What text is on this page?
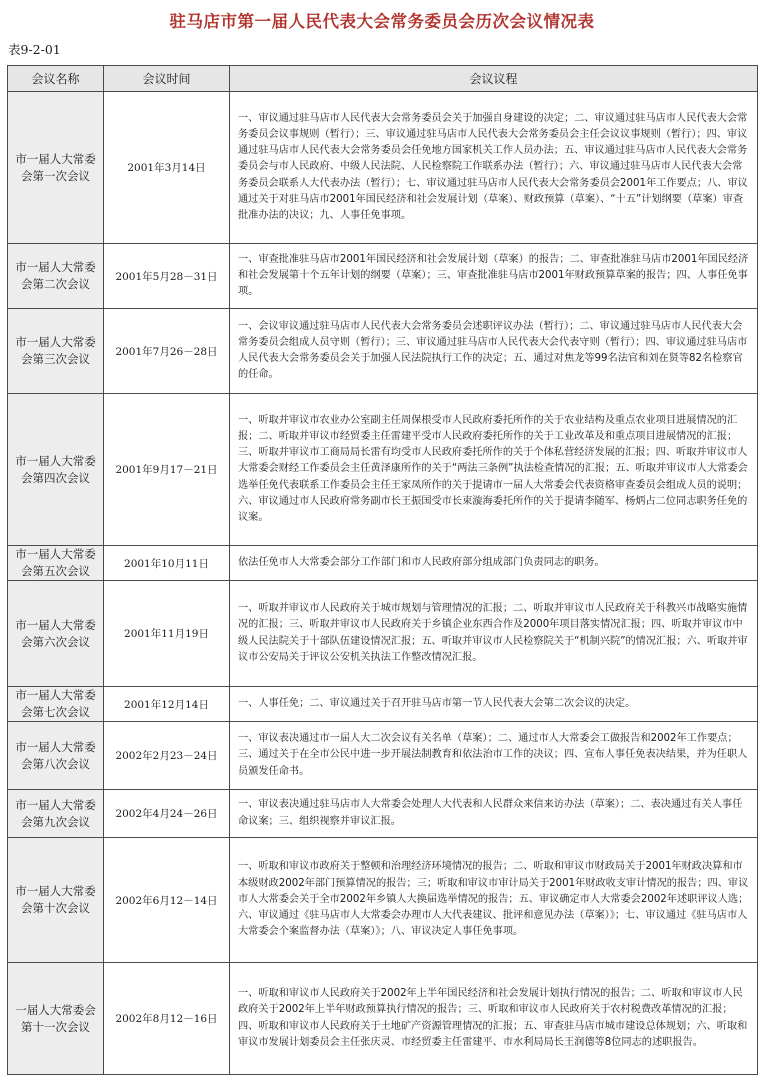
驻马店市第一届人民代表大会常务委员会历次会议情况表
表9-2-01
会议名称	会议时间	会议议程
市一届人大常委会第一次会议	2001年3月14日	一、审议通过驻马店市人民代表大会常务委员会关于加强自身建设的决定；二、审议通过驻马店市人民代表大会常务委员会议事规则（暂行）；三、审议通过驻马店市人民代表大会常务委员会主任会议议事规则（暂行）；四、审议通过驻马店市人民代表大会常务委员会任免地方国家机关工作人员办法；五、审议通过驻马店市人民代表大会常务委员会与市人民政府、中级人民法院、人民检察院工作联系办法（暂行）；六、审议通过驻马店市人民代表大会常务委员会联系人大代表办法（暂行）；七、审议通过驻马店市人民代表大会常务委员会2001年工作要点；八、审议通过关于对驻马店市2001年国民经济和社会发展计划（草案）、财政预算（草案）、“十五”计划纲要（草案）审查批准办法的决议；九、人事任免事项。
市一届人大常委会第二次会议	2001年5月28－31日	一、审查批准驻马店市2001年国民经济和社会发展计划（草案）的报告；二、审查批准驻马店市2001年国民经济和社会发展第十个五年计划的纲要（草案）；三、审查批准驻马店市2001年财政预算草案的报告；四、人事任免事项。
市一届人大常委会第三次会议	2001年7月26－28日	一、会议审议通过驻马店市人民代表大会常务委员会述职评议办法（暂行）；二、审议通过驻马店市人民代表大会常务委员会组成人员守则（暂行）；三、审议通过驻马店市人民代表大会代表守则（暂行）；四、审议通过驻马店市人民代表大会常务委员会关于加强人民法院执行工作的决定；五、通过对焦龙等99名法官和刘在贤等82名检察官的任命。
市一届人大常委会第四次会议	2001年9月17－21日	一、听取并审议市农业办公室副主任周保根受市人民政府委托所作的关于农业结构及重点农业项目进展情况的汇报；二、听取并审议市经贸委主任雷建平受市人民政府委托所作的关于工业改革及和重点项目进展情况的汇报；三、听取并审议市工商局局长雷有均受市人民政府委托所作的关于个体私营经济发展的汇报；四、听取并审议市人大常委会财经工作委员会主任黄泽康所作的关于“两法三条例”执法检查情况的汇报；五、听取并审议市人大常委会选举任免代表联系工作委员会主任王家凤所作的关于提请市一届人大常委会代表资格审查委员会组成人员的说明；六、审议通过市人民政府常务副市长王振国受市长束漩海委托所作的关于提请李随军、杨炳占二位同志职务任免的议案。
市一届人大常委会第五次会议	2001年10月11日	依法任免市人大常委会部分工作部门和市人民政府部分组成部门负责同志的职务。
市一届人大常委会第六次会议	2001年11月19日	一、听取并审议市人民政府关于城市规划与管理情况的汇报；二、听取并审议市人民政府关于科教兴市战略实施情况的汇报；三、听取并审议市人民政府关于乡镇企业东西合作及2000年项目落实情况汇报；四、听取并审议市中级人民法院关于十部队伍建设情况汇报；五、听取并审议市人民检察院关于“机制兴院”的情况汇报；六、听取并审议市公安局关于评议公安机关执法工作整改情况汇报。
市一届人大常委会第七次会议	2001年12月14日	一、人事任免；二、审议通过关于召开驻马店市第一节人民代表大会第二次会议的决定。
市一届人大常委会第八次会议	2002年2月23－24日	一、审议表决通过市一届人大二次会议有关名单（草案）；二、通过市人大常委会工做报告和2002年工作要点；三、通过关于在全市公民中进一步开展法制教育和依法治市工作的决议；四、宣布人事任免表决结果，并为任职人员颁发任命书。
市一届人大常委会第九次会议	2002年4月24－26日	一、审议表决通过驻马店市人大常委会处理人大代表和人民群众来信来访办法（草案）；二、表决通过有关人事任命议案；三、组织视察并审议汇报。
市一届人大常委会第十次会议	2002年6月12－14日	一、听取和审议市政府关于整顿和治理经济环境情况的报告；二、听取和审议市财政局关于2001年财政决算和市本级财政2002年部门预算情况的报告；三；听取和审议市审计局关于2001年财政收支审计情况的报告；四、审议市人大常委会关于全市2002年乡镇人大换届选举情况的报告；五、审议确定市人大常委会2002年述职评议人选；六、审议通过《驻马店市人大常委会办理市人大代表建议、批评和意见办法（草案）》；七、审议通过《驻马店市人大常委会个案监督办法（草案）》；八、审议决定人事任免事项。
一届人大常委会第十一次会议	2002年8月12－16日	一、听取和审议市人民政府关于2002年上半年国民经济和社会发展计划执行情况的报告；二、听取和审议市人民政府关于2002年上半年财政预算执行情况的报告；三、听取和审议市人民政府关于农村税费改革情况的汇报；四、听取和审议市人民政府关于土地矿产资源管理情况的汇报；五、审查驻马店市城市建设总体规划；六、听取和审议市发展计划委员会主任张庆灵、市经贸委主任雷建平、市水利局局长王润德等8位同志的述职报告。
